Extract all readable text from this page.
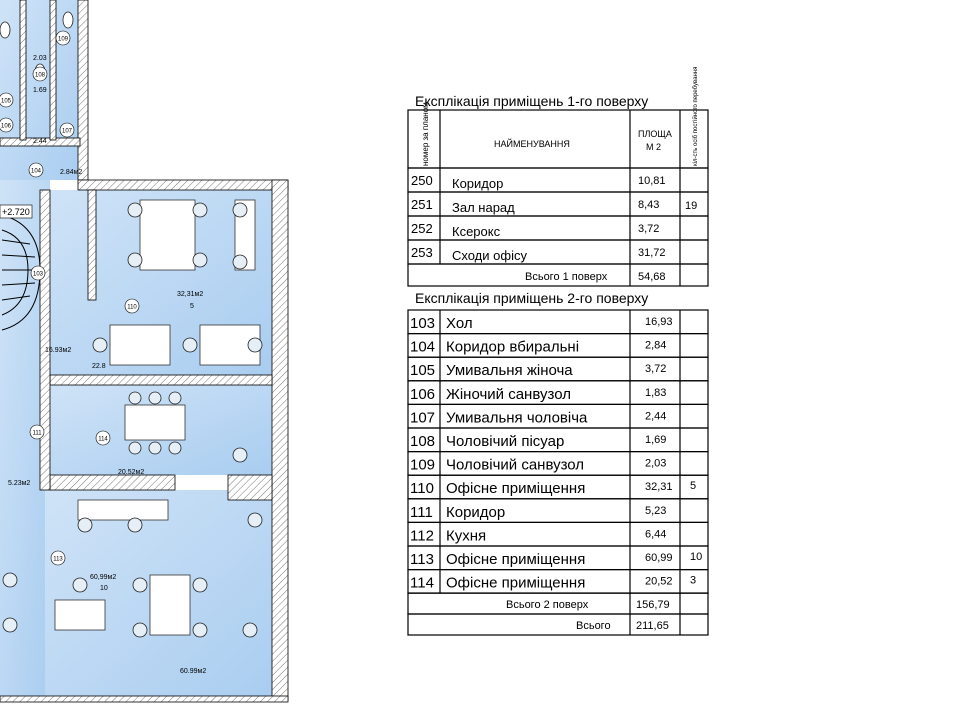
+2.720
109
2.03
108
1.69
105
107
2.44
106
104	2.84м2
103
16.93м2
110
32,31м2
5
111
5.23м2
114
20.52м2
113
60,99м2
10
60.99м2
22.8
Експлікація приміщень 1-го поверху
номер за планом	НАЙМЕНУВАННЯ
ПЛОЩА
М 2	кіл-сть осіб постійного перебування
250 Коридор	10,81
251 Зал нарад	8,43 19
252 Ксерокс	3,72
253 Сходи офісу	31,72
Всього 1 поверх	54,68
Експлікація приміщень 2-го поверху
103 Хол	16,93
104 Коридор вбиральні	2,84
105 Умивальня жіноча	3,72
106 Жіночий санвузол	1,83
107 Умивальня чоловіча	2,44
108 Чоловічий пісуар	1,69
109 Чоловічий санвузол	2,03
110 Офісне приміщення	32,31 5
111 Коридор	5,23
112 Кухня	6,44
113 Офісне приміщення	60,99 10
114 Офісне приміщення	20,52 3
Всього 2 поверх	156,79
Всього 211,65
